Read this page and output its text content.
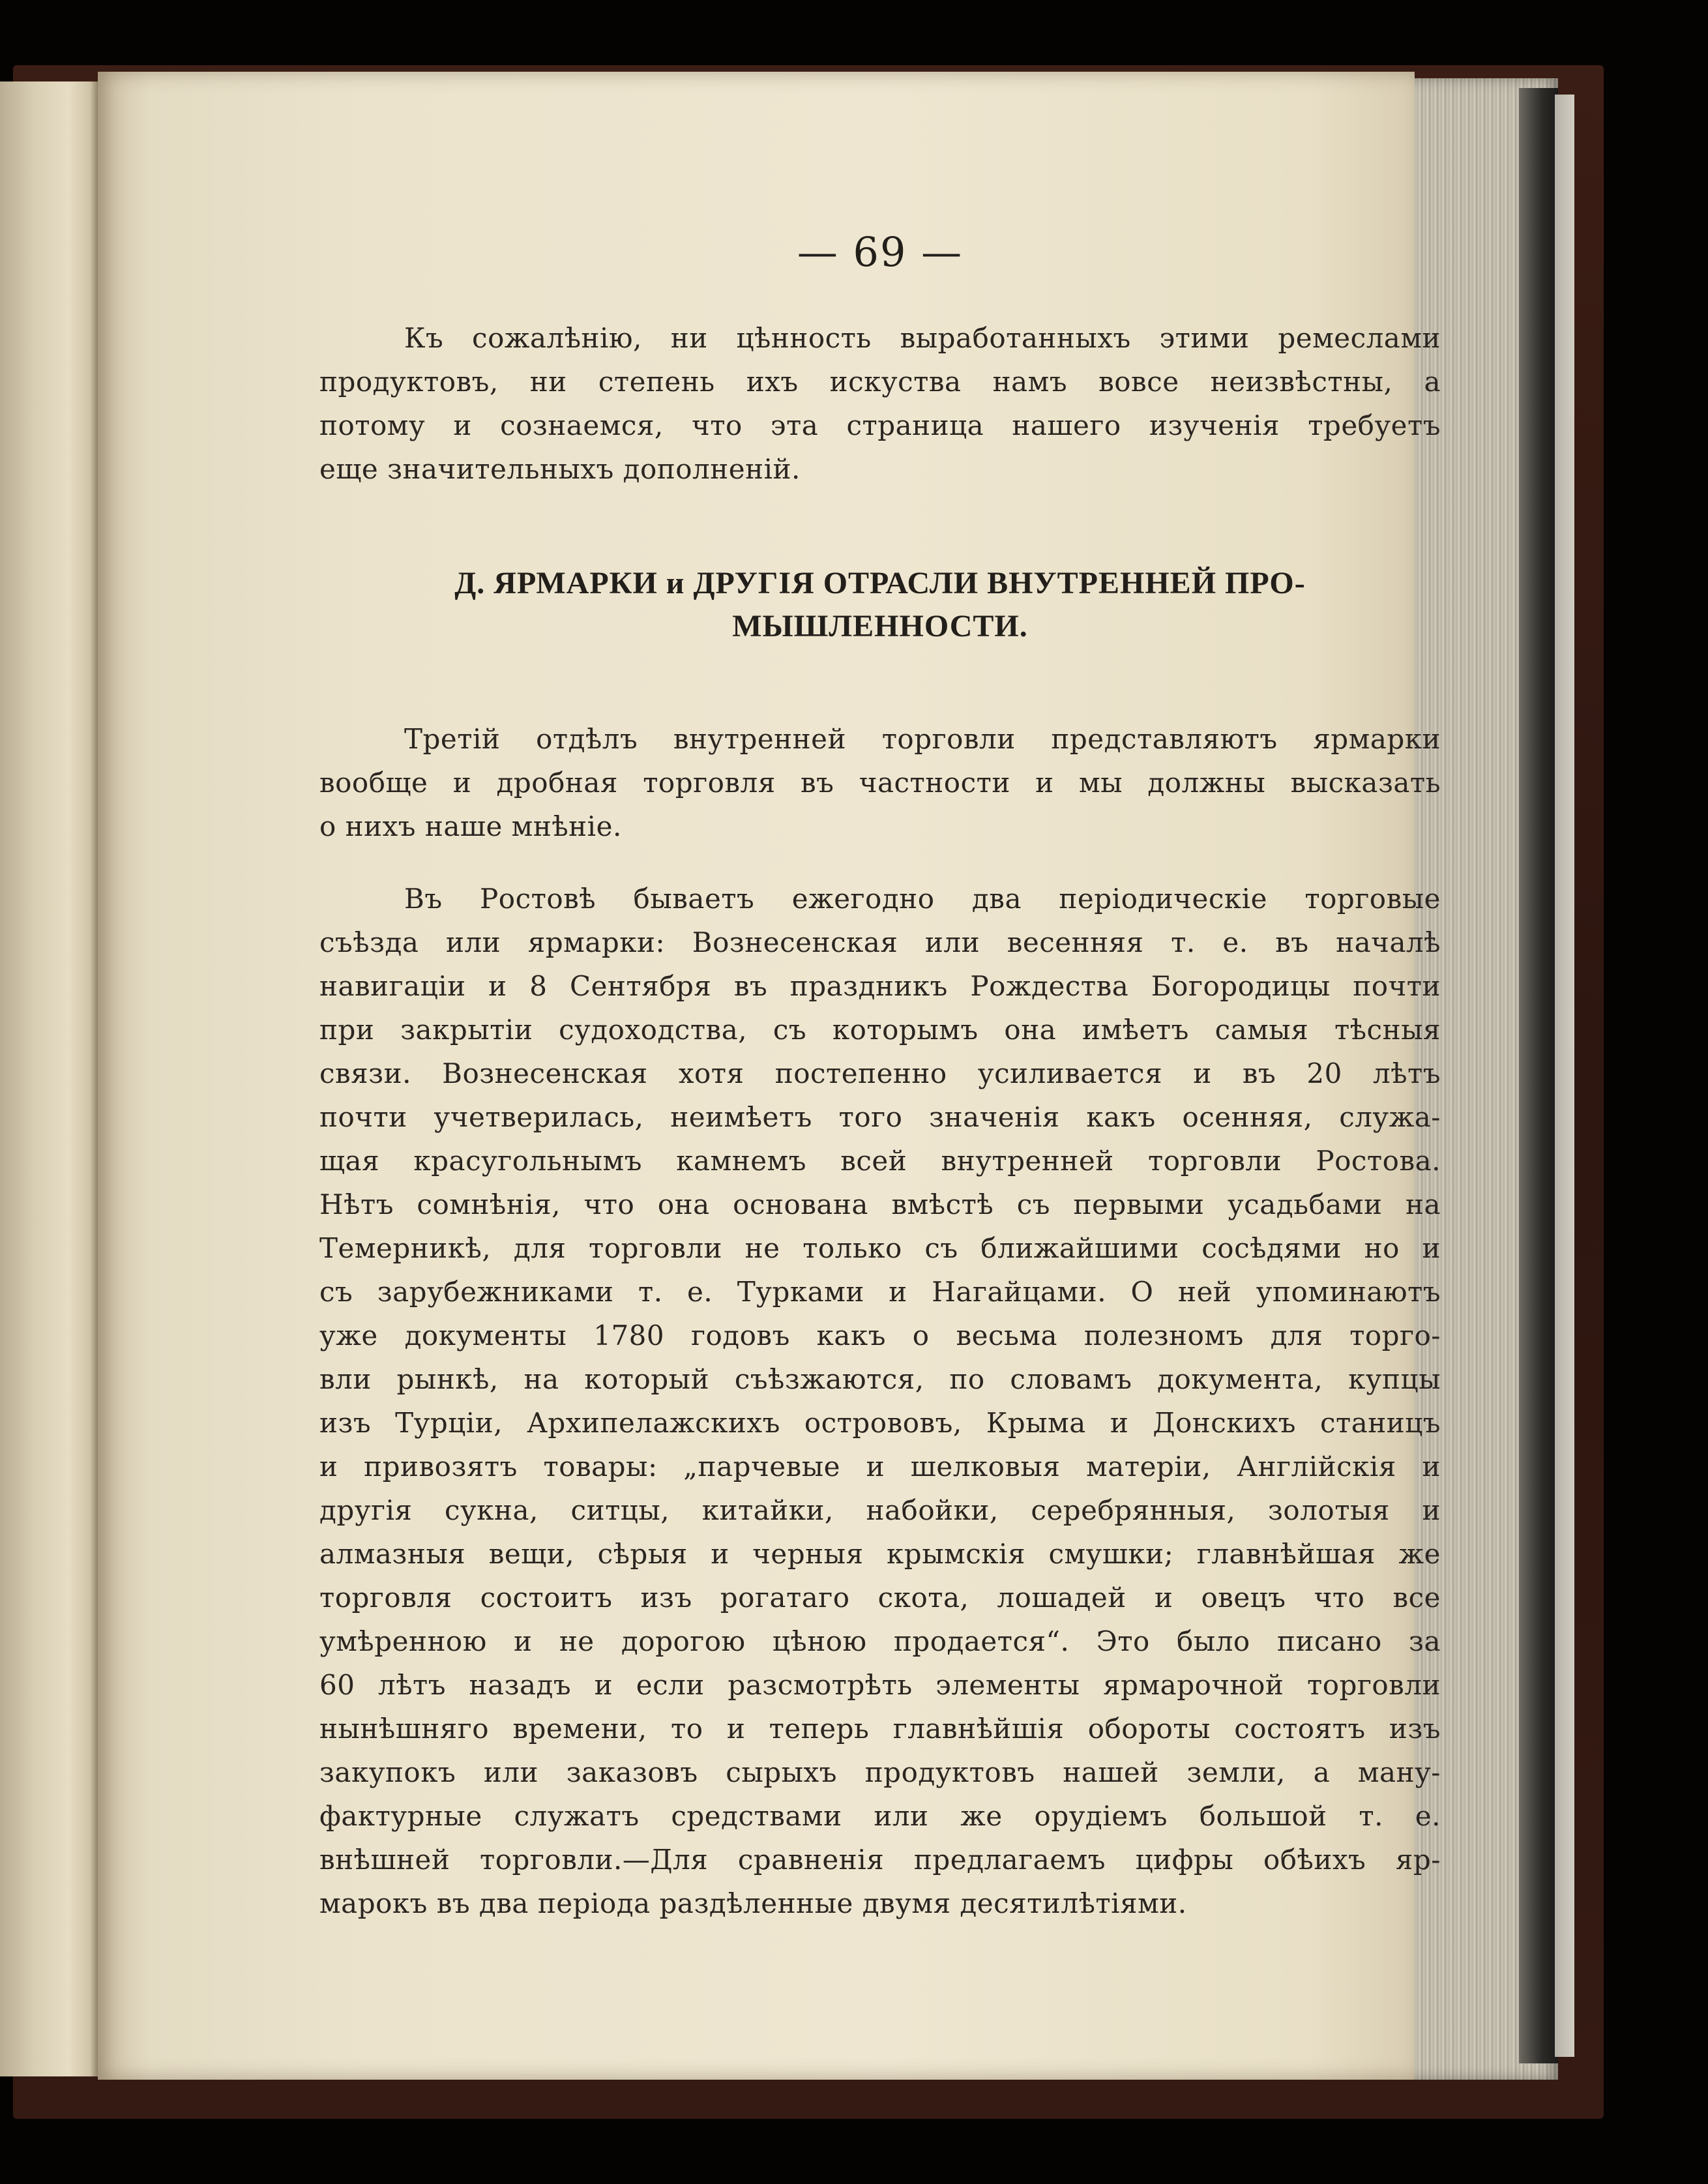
— 69 —
Къ сожалѣнію, ни цѣнность выработанныхъ этими ремеслами
продуктовъ, ни степень ихъ искуства намъ вовсе неизвѣстны, а
потому и сознаемся, что эта страница нашего изученія требуетъ
еще значительныхъ дополненій.
Д. ЯРМАРКИ и ДРУГІЯ ОТРАСЛИ ВНУТРЕННЕЙ ПРО-
МЫШЛЕННОСТИ.
Третій отдѣлъ внутренней торговли представляютъ ярмарки
вообще и дробная торговля въ частности и мы должны высказать
о нихъ наше мнѣніе.
Въ Ростовѣ бываетъ ежегодно два періодическіе торговые
съѣзда или ярмарки: Вознесенская или весенняя т. е. въ началѣ
навигаціи и 8 Сентября въ праздникъ Рождества Богородицы почти
при закрытіи судоходства, съ которымъ она имѣетъ самыя тѣсныя
связи. Вознесенская хотя постепенно усиливается и въ 20 лѣтъ
почти учетверилась, неимѣетъ того значенія какъ осенняя, служа-
щая красугольнымъ камнемъ всей внутренней торговли Ростова.
Нѣтъ сомнѣнія, что она основана вмѣстѣ съ первыми усадьбами на
Темерникѣ, для торговли не только съ ближайшими сосѣдями но и
съ зарубежниками т. е. Турками и Нагайцами. О ней упоминаютъ
уже документы 1780 годовъ какъ о весьма полезномъ для торго-
вли рынкѣ, на который съѣзжаются, по словамъ документа, купцы
изъ Турціи, Архипелажскихъ острововъ, Крыма и Донскихъ станицъ
и привозятъ товары: „парчевые и шелковыя матеріи, Англійскія и
другія сукна, ситцы, китайки, набойки, серебрянныя, золотыя и
алмазныя вещи, сѣрыя и черныя крымскія смушки; главнѣйшая же
торговля состоитъ изъ рогатаго скота, лошадей и овецъ что все
умѣренною и не дорогою цѣною продается“. Это было писано за
60 лѣтъ назадъ и если разсмотрѣть элементы ярмарочной торговли
нынѣшняго времени, то и теперь главнѣйшія обороты состоятъ изъ
закупокъ или заказовъ сырыхъ продуктовъ нашей земли, а ману-
фактурные служатъ средствами или же орудіемъ большой т. е.
внѣшней торговли.—Для сравненія предлагаемъ цифры обѣихъ яр-
марокъ въ два періода раздѣленные двумя десятилѣтіями.
